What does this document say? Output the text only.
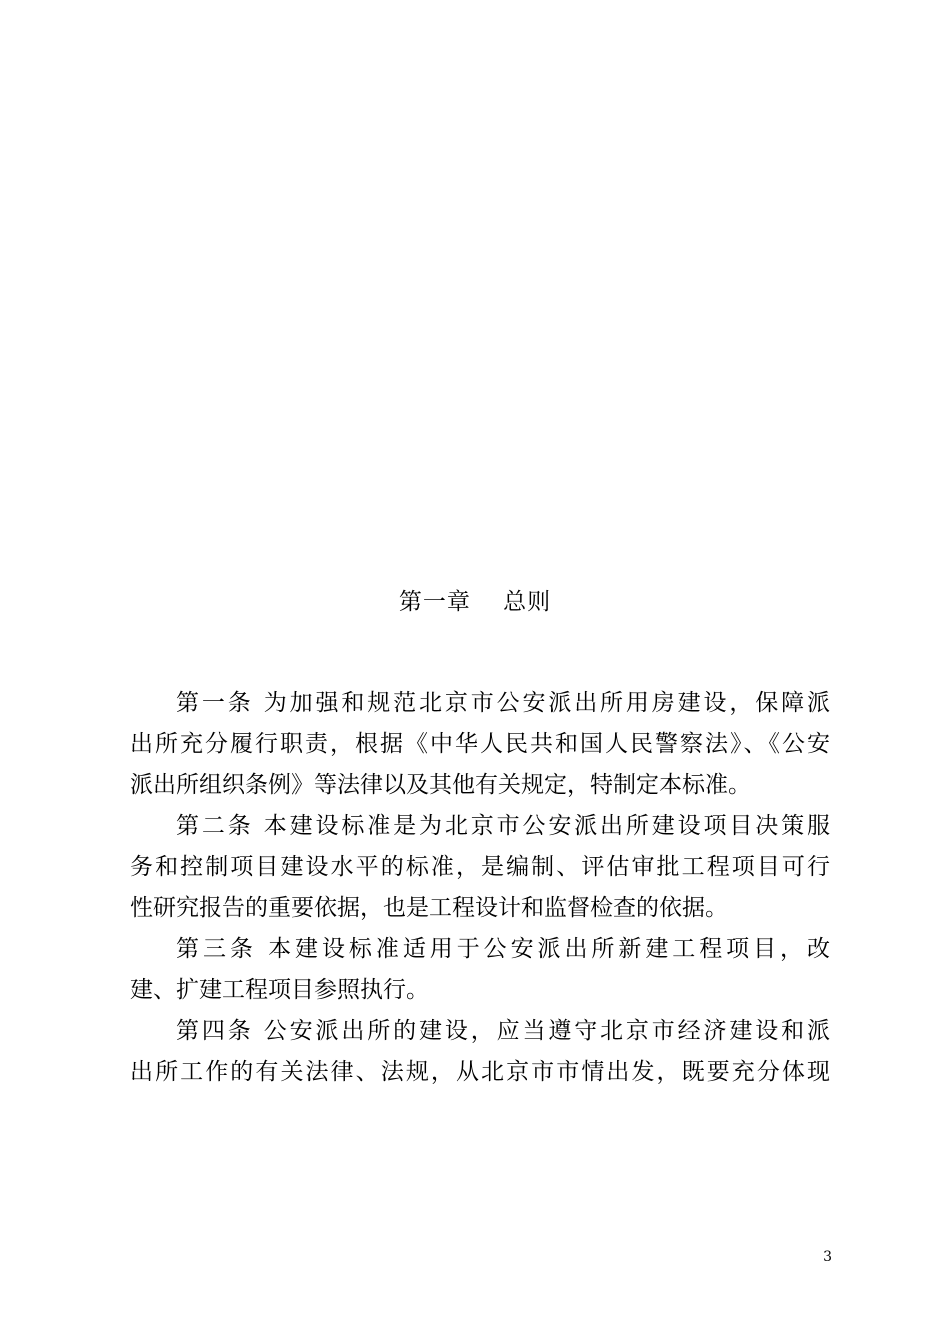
第一章　 总则

第一条 为加强和规范北京市公安派出所用房建设，保障派
出所充分履行职责，根据《中华人民共和国人民警察法》、《公安
派出所组织条例》等法律以及其他有关规定，特制定本标准。

第二条 本建设标准是为北京市公安派出所建设项目决策服
务和控制项目建设水平的标准，是编制、评估审批工程项目可行
性研究报告的重要依据，也是工程设计和监督检查的依据。

第三条 本建设标准适用于公安派出所新建工程项目，改
建、扩建工程项目参照执行。

第四条 公安派出所的建设，应当遵守北京市经济建设和派
出所工作的有关法律、法规，从北京市市情出发，既要充分体现

3
